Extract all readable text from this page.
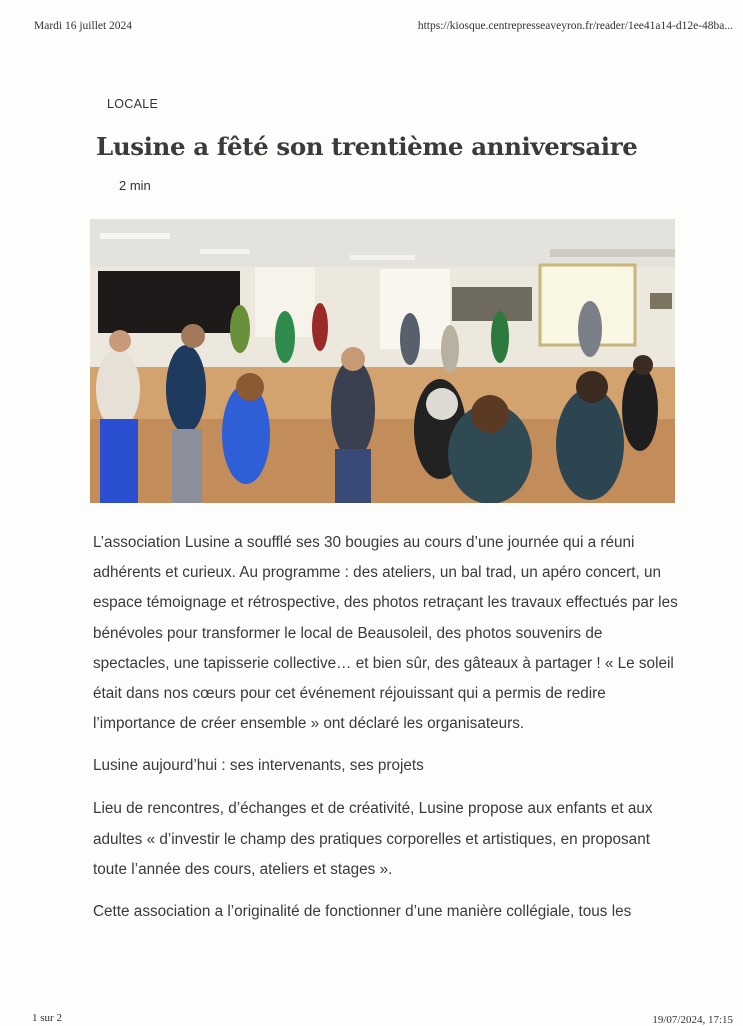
Mardi 16 juillet 2024	https://kiosque.centrepresseaveyron.fr/reader/1ee41a14-d12e-48ba...
LOCALE
Lusine a fêté son trentième anniversaire
2 min

L’association Lusine a soufflé ses 30 bougies au cours d’une journée qui a réuni adhérents et curieux. Au programme : des ateliers, un bal trad, un apéro concert, un espace témoignage et rétrospective, des photos retraçant les travaux effectués par les bénévoles pour transformer le local de Beausoleil, des photos souvenirs de spectacles, une tapisserie collective… et bien sûr, des gâteaux à partager ! « Le soleil était dans nos cœurs pour cet événement réjouissant qui a permis de redire l’importance de créer ensemble » ont déclaré les organisateurs.

Lusine aujourd’hui : ses intervenants, ses projets

Lieu de rencontres, d’échanges et de créativité, Lusine propose aux enfants et aux adultes « d’investir le champ des pratiques corporelles et artistiques, en proposant toute l’année des cours, ateliers et stages ».

Cette association a l’originalité de fonctionner d’une manière collégiale, tous les

1 sur 2	19/07/2024, 17:15
